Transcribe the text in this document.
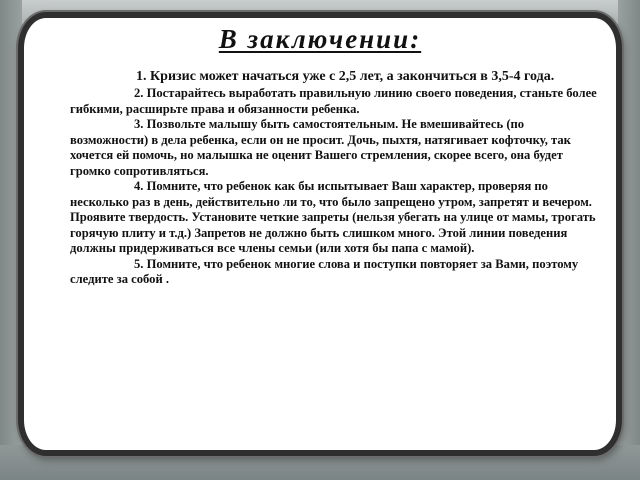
В заключении:

1. Кризис может начаться уже с 2,5 лет, а закончиться в 3,5-4 года.

2. Постарайтесь выработать правильную линию своего поведения, станьте более гибкими, расширьте права и обязанности ребенка.

3. Позвольте малышу быть самостоятельным. Не вмешивайтесь (по возможности) в дела ребенка, если он не просит. Дочь, пыхтя, натягивает кофточку, так хочется ей помочь, но малышка не оценит Вашего стремления, скорее всего, она будет громко сопротивляться.

4. Помните, что ребенок как бы испытывает Ваш характер, проверяя по несколько раз в день, действительно ли то, что было запрещено утром, запретят и вечером. Проявите твердость. Установите четкие запреты (нельзя убегать на улице от мамы, трогать горячую плиту и т.д.) Запретов не должно быть слишком много. Этой линии поведения должны придерживаться все члены семьи (или хотя бы папа с мамой).

5. Помните, что ребенок многие слова и поступки повторяет за Вами, поэтому следите за собой .
